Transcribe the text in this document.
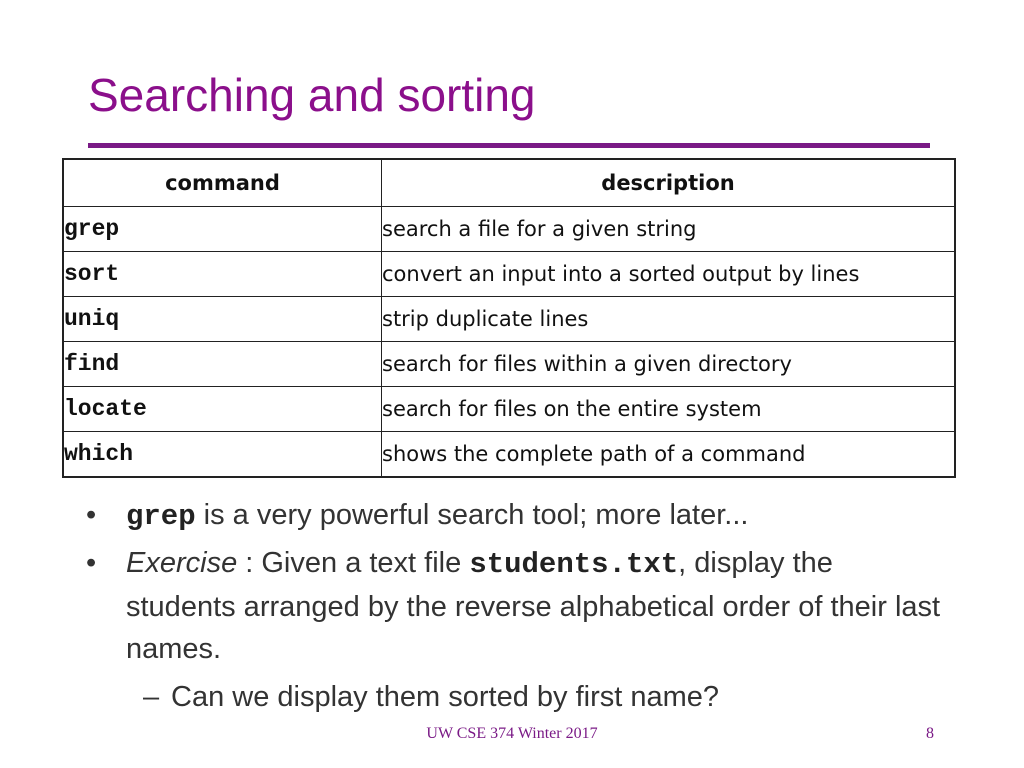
Searching and sorting
command	description
grep	search a file for a given string
sort	convert an input into a sorted output by lines
uniq	strip duplicate lines
find	search for files within a given directory
locate	search for files on the entire system
which	shows the complete path of a command
• grep is a very powerful search tool; more later...
• Exercise : Given a text file students.txt, display the students arranged by the reverse alphabetical order of their last names.
– Can we display them sorted by first name?
UW CSE 374 Winter 2017	8
